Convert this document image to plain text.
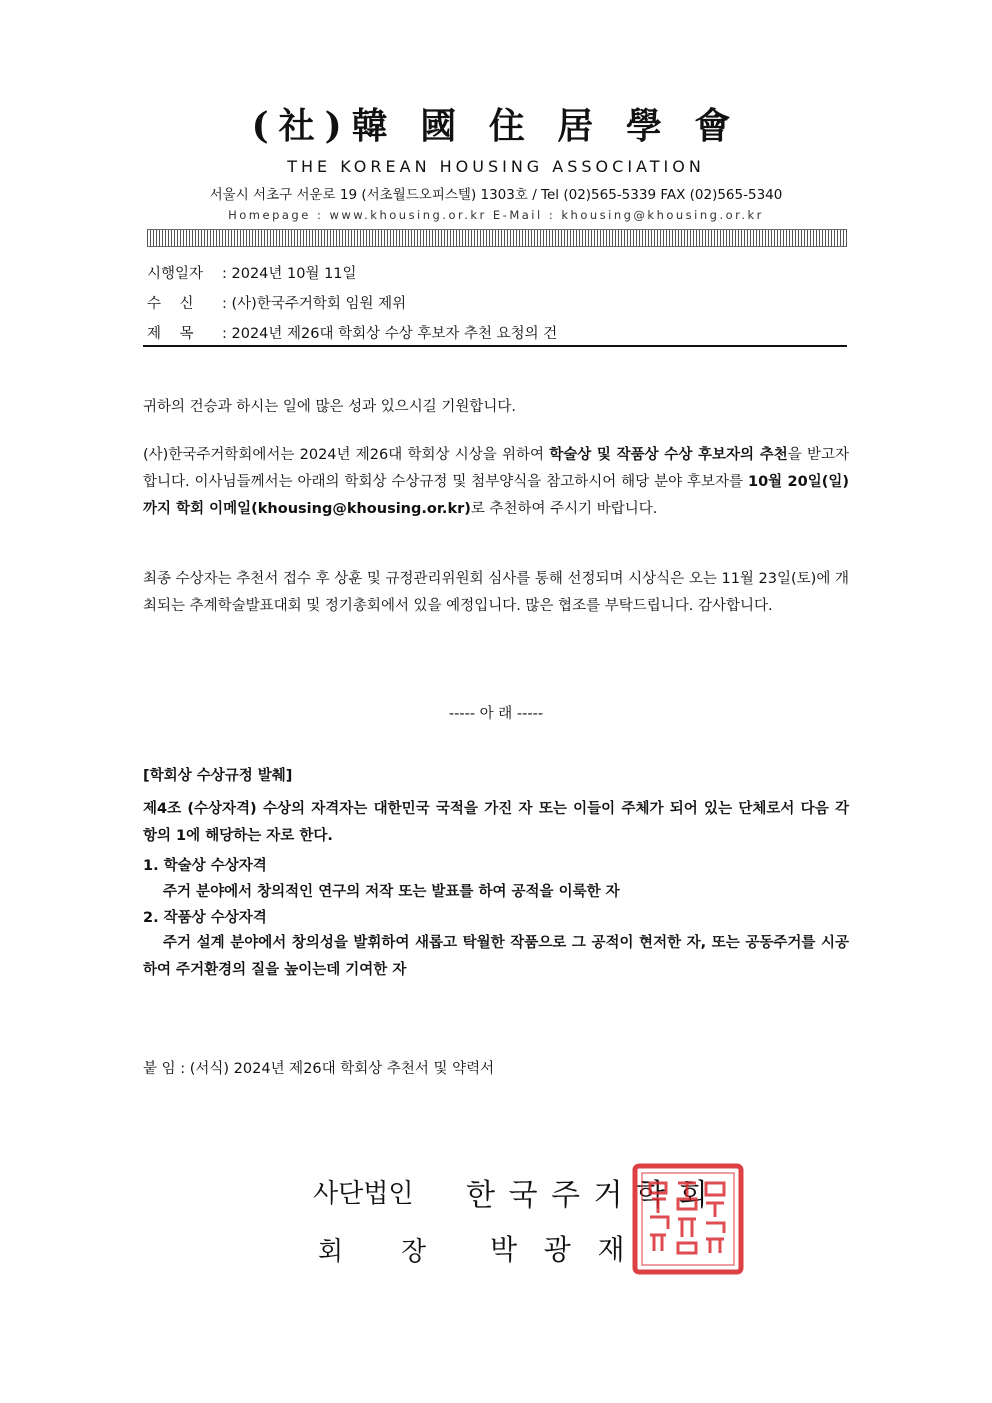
(社)韓 國 住 居 學 會
THE KOREAN HOUSING ASSOCIATION
서울시 서초구 서운로 19 (서초월드오피스텔) 1303호 / Tel (02)565-5339 FAX (02)565-5340
Homepage : www.khousing.or.kr E-Mail : khousing@khousing.or.kr
시행일자 : 2024년 10월 11일
수    신 : (사)한국주거학회 임원 제위
제    목 : 2024년 제26대 학회상 수상 후보자 추천 요청의 건
귀하의 건승과 하시는 일에 많은 성과 있으시길 기원합니다.
(사)한국주거학회에서는 2024년 제26대 학회상 시상을 위하여 학술상 및 작품상 수상 후보자의 추천을 받고자 합니다. 이사님들께서는 아래의 학회상 수상규정 및 첨부양식을 참고하시어 해당 분야 후보자를 10월 20일(일)까지 학회 이메일(khousing@khousing.or.kr)로 추천하여 주시기 바랍니다.
최종 수상자는 추천서 접수 후 상훈 및 규정관리위원회 심사를 통해 선정되며 시상식은 오는 11월 23일(토)에 개최되는 추계학술발표대회 및 정기총회에서 있을 예정입니다. 많은 협조를 부탁드립니다. 감사합니다.
----- 아 래 -----
[학회상 수상규정 발췌]
제4조 (수상자격) 수상의 자격자는 대한민국 국적을 가진 자 또는 이들이 주체가 되어 있는 단체로서 다음 각 항의 1에 해당하는 자로 한다.
1. 학술상 수상자격
주거 분야에서 창의적인 연구의 저작 또는 발표를 하여 공적을 이룩한 자
2. 작품상 수상자격
주거 설계 분야에서 창의성을 발휘하여 새롭고 탁월한 작품으로 그 공적이 현저한 자, 또는 공동주거를 시공하여 주거환경의 질을 높이는데 기여한 자
붙 임 : (서식) 2024년 제26대 학회상 추천서 및 약력서
사단법인 한 국 주 거 학 회
회       장 박   광   재
